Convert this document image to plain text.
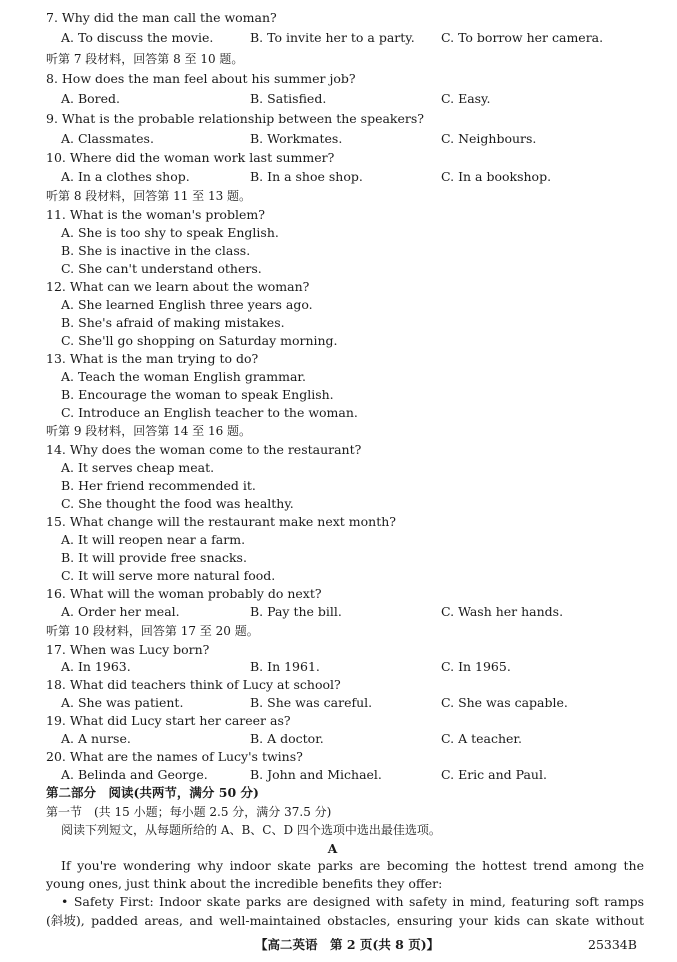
7. Why did the man call the woman?
A. To discuss the movie.	B. To invite her to a party. C. To borrow her camera.
听第 7 段材料，回答第 8 至 10 题。
8. How does the man feel about his summer job?
A. Bored.	B. Satisfied.	C. Easy.
9. What is the probable relationship between the speakers?
A. Classmates.	B. Workmates.	C. Neighbours.
10. Where did the woman work last summer?
A. In a clothes shop.	B. In a shoe shop.	C. In a bookshop.
听第 8 段材料，回答第 11 至 13 题。
11. What is the woman's problem?
A. She is too shy to speak English.
B. She is inactive in the class.
C. She can't understand others.
12. What can we learn about the woman?
A. She learned English three years ago.
B. She's afraid of making mistakes.
C. She'll go shopping on Saturday morning.
13. What is the man trying to do?
A. Teach the woman English grammar.
B. Encourage the woman to speak English.
C. Introduce an English teacher to the woman.
听第 9 段材料，回答第 14 至 16 题。
14. Why does the woman come to the restaurant?
A. It serves cheap meat.
B. Her friend recommended it.
C. She thought the food was healthy.
15. What change will the restaurant make next month?
A. It will reopen near a farm.
B. It will provide free snacks.
C. It will serve more natural food.
16. What will the woman probably do next?
A. Order her meal.	B. Pay the bill.	C. Wash her hands.
听第 10 段材料，回答第 17 至 20 题。
17. When was Lucy born?
A. In 1963.	B. In 1961.	C. In 1965.
18. What did teachers think of Lucy at school?
A. She was patient.	B. She was careful.	C. She was capable.
19. What did Lucy start her career as?
A. A nurse.	B. A doctor.	C. A teacher.
20. What are the names of Lucy's twins?
A. Belinda and George.	B. John and Michael.	C. Eric and Paul.
第二部分　阅读(共两节，满分 50 分)
第一节　(共 15 小题；每小题 2.5 分，满分 37.5 分)
阅读下列短文，从每题所给的 A、B、C、D 四个选项中选出最佳选项。
A
If you're wondering why indoor skate parks are becoming the hottest trend among the
young ones, just think about the incredible benefits they offer:
• Safety First: Indoor skate parks are designed with safety in mind, featuring soft ramps
(斜坡), padded areas, and well-maintained obstacles, ensuring your kids can skate without
【高二英语　第 2 页(共 8 页)】	25334B
